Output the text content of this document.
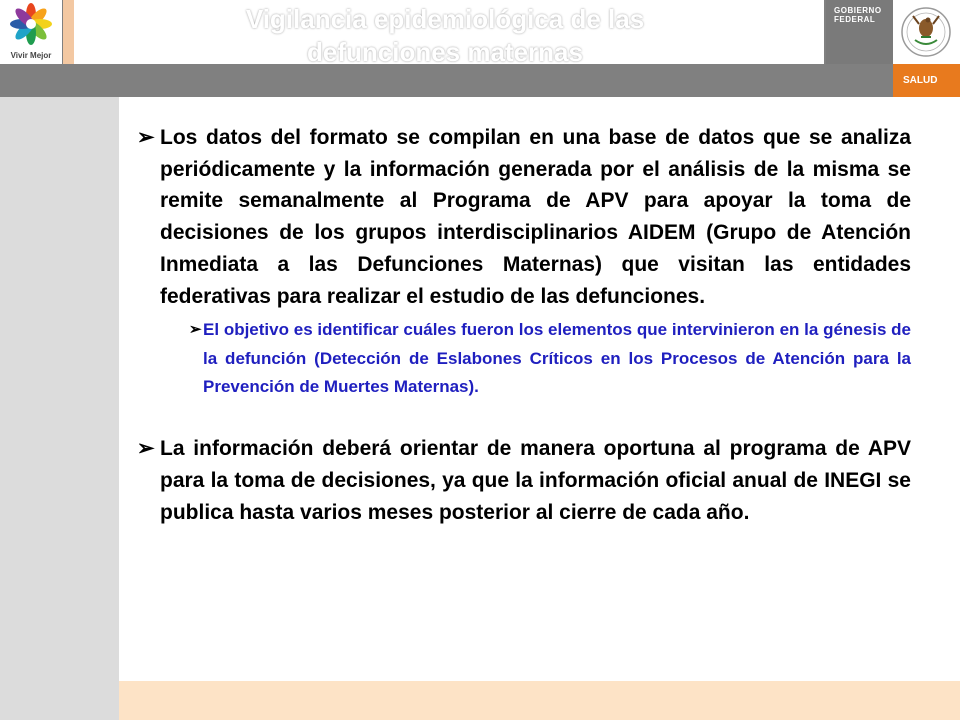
Vivir Mejor
Vigilancia epidemiológica de las
defunciones maternas
GOBIERNO
FEDERAL
SALUD
➢ Los datos del formato se compilan en una base de datos que se analiza periódicamente y la información generada por el análisis de la misma se remite semanalmente al Programa de APV para apoyar la toma de decisiones de los grupos interdisciplinarios AIDEM (Grupo de Atención Inmediata a las Defunciones Maternas) que visitan las entidades federativas para realizar el estudio de las defunciones.
➢ El objetivo es identificar cuáles fueron los elementos que intervinieron en la génesis de la defunción (Detección de Eslabones Críticos en los Procesos de Atención para la Prevención de Muertes Maternas).
➢ La información deberá orientar de manera oportuna al programa de APV para la toma de decisiones, ya que la información oficial anual de INEGI se publica hasta varios meses posterior al cierre de cada año.
